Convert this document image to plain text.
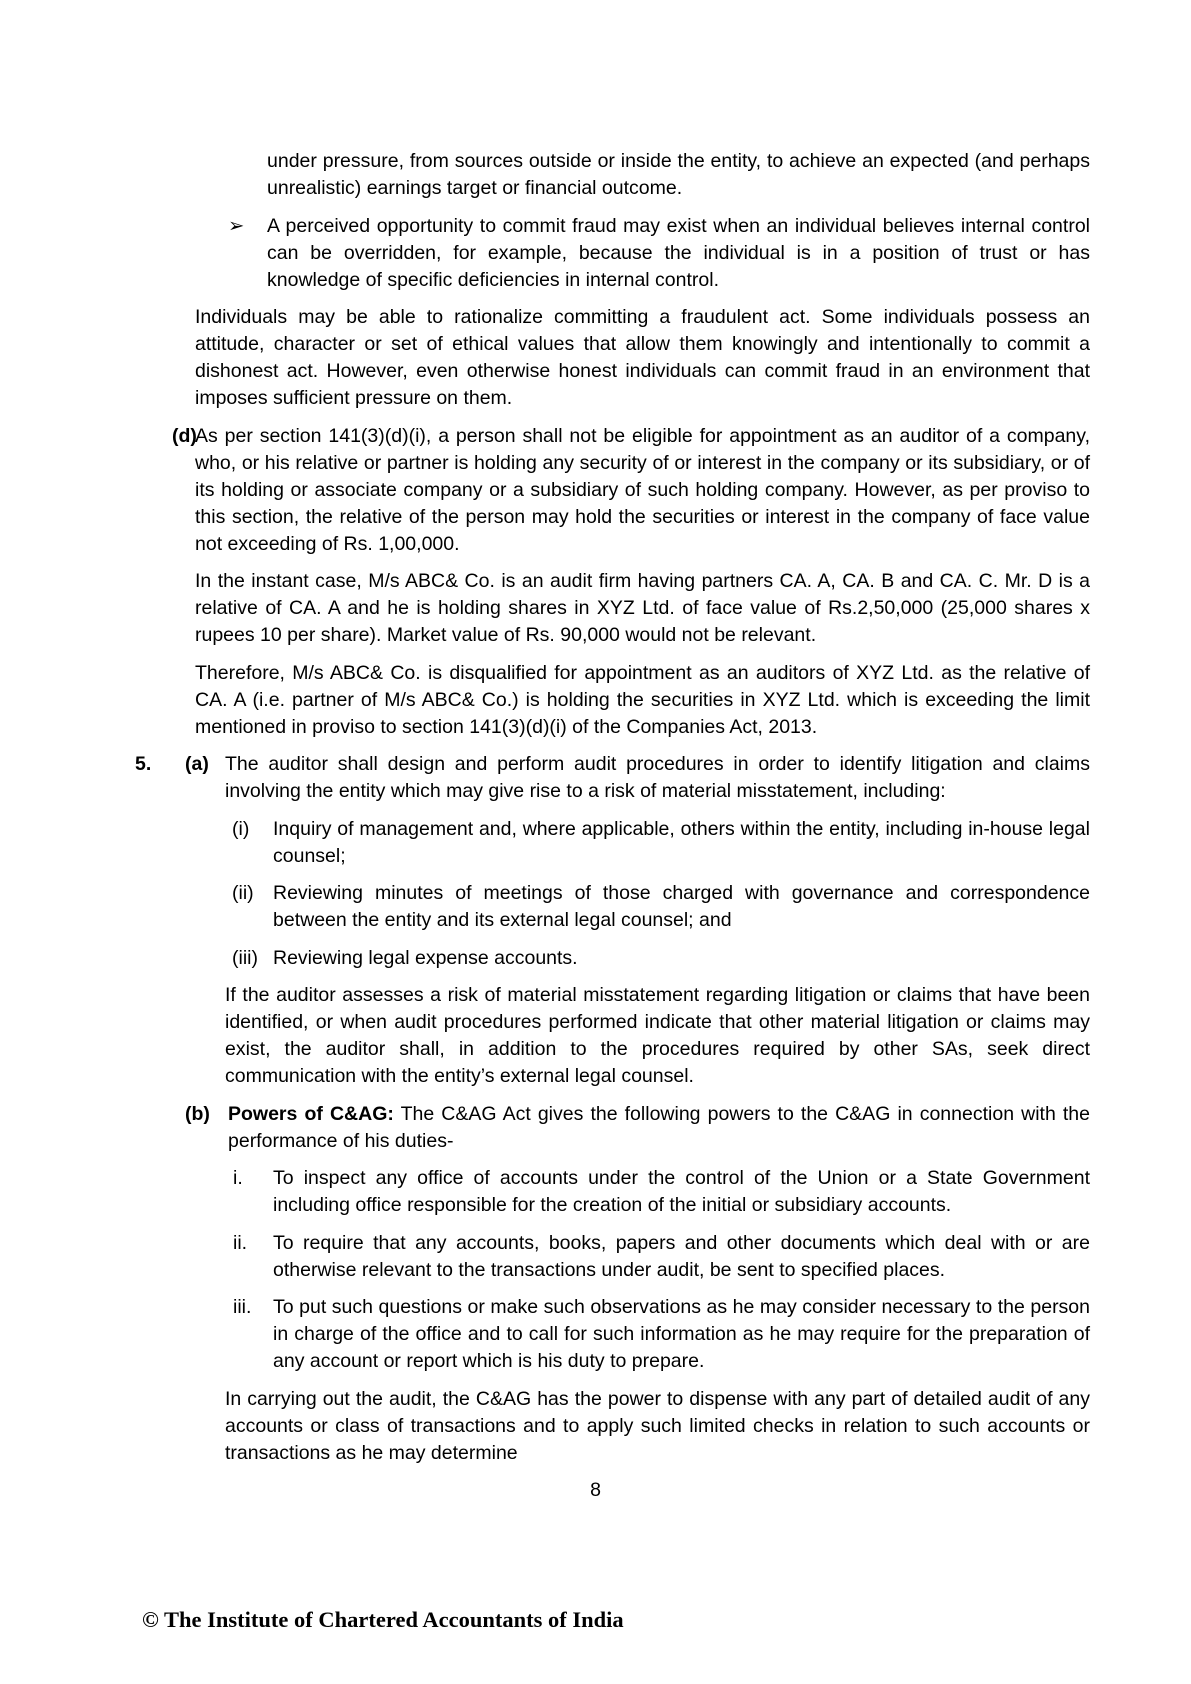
under pressure, from sources outside or inside the entity, to achieve an expected (and perhaps unrealistic) earnings target or financial outcome.
➢ A perceived opportunity to commit fraud may exist when an individual believes internal control can be overridden, for example, because the individual is in a position of trust or has knowledge of specific deficiencies in internal control.
Individuals may be able to rationalize committing a fraudulent act. Some individuals possess an attitude, character or set of ethical values that allow them knowingly and intentionally to commit a dishonest act. However, even otherwise honest individuals can commit fraud in an environment that imposes sufficient pressure on them.
(d)
As per section 141(3)(d)(i), a person shall not be eligible for appointment as an auditor of a company, who, or his relative or partner is holding any security of or interest in the company or its subsidiary, or of its holding or associate company or a subsidiary of such holding company. However, as per proviso to this section, the relative of the person may hold the securities or interest in the company of face value not exceeding of Rs. 1,00,000.
In the instant case, M/s ABC& Co. is an audit firm having partners CA. A, CA. B and CA. C. Mr. D is a relative of CA. A and he is holding shares in XYZ Ltd. of face value of Rs.2,50,000 (25,000 shares x rupees 10 per share). Market value of Rs. 90,000 would not be relevant.
Therefore, M/s ABC& Co. is disqualified for appointment as an auditors of XYZ Ltd. as the relative of CA. A (i.e. partner of M/s ABC& Co.) is holding the securities in XYZ Ltd. which is exceeding the limit mentioned in proviso to section 141(3)(d)(i) of the Companies Act, 2013.
5. (a) The auditor shall design and perform audit procedures in order to identify litigation and claims involving the entity which may give rise to a risk of material misstatement, including:
(i) Inquiry of management and, where applicable, others within the entity, including in-house legal counsel;
(ii) Reviewing minutes of meetings of those charged with governance and correspondence between the entity and its external legal counsel; and
(iii) Reviewing legal expense accounts.
If the auditor assesses a risk of material misstatement regarding litigation or claims that have been identified, or when audit procedures performed indicate that other material litigation or claims may exist, the auditor shall, in addition to the procedures required by other SAs, seek direct communication with the entity’s external legal counsel.
(b) Powers of C&AG: The C&AG Act gives the following powers to the C&AG in connection with the performance of his duties-
i. To inspect any office of accounts under the control of the Union or a State Government including office responsible for the creation of the initial or subsidiary accounts.
ii. To require that any accounts, books, papers and other documents which deal with or are otherwise relevant to the transactions under audit, be sent to specified places.
iii. To put such questions or make such observations as he may consider necessary to the person in charge of the office and to call for such information as he may require for the preparation of any account or report which is his duty to prepare.
In carrying out the audit, the C&AG has the power to dispense with any part of detailed audit of any accounts or class of transactions and to apply such limited checks in relation to such accounts or transactions as he may determine
8
© The Institute of Chartered Accountants of India
